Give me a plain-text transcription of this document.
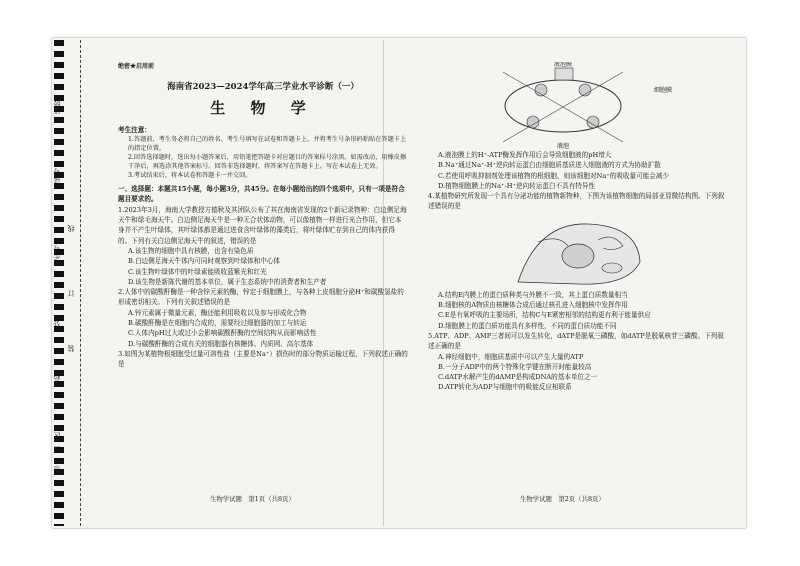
班级
考场号
考生号
姓名
学校
县（区）
市
线
订
装

绝密★启用前

海南省2023—2024学年高三学业水平诊断（一）

生 物 学

考生注意：

1.答题前，考生务必将自己的姓名、考生号填写在试卷和答题卡上，并将考生号条形码粘贴在答题卡上的指定位置。

2.回答选择题时，选出每小题答案后，用铅笔把答题卡对应题目的答案标号涂黑。如需改动，用橡皮擦干净后，再选涂其他答案标号。回答非选择题时，将答案写在答题卡上。写在本试卷上无效。

3.考试结束后，将本试卷和答题卡一并交回。

一、选择题：本题共15小题，每小题3分，共45分。在每小题给出的四个选项中，只有一项是符合题目要求的。

1.2023年3月，海南大学教授方德秋及其团队公布了其在海南省发现的2个新记录物种：白边侧足海天牛和绿毛海天牛。白边侧足海天牛是一种无合状体动物，可以像植物一样进行光合作用，但它本身并不产生叶绿体，其叶绿体都是通过进食含叶绿体的藻类后，将叶绿体贮存到自己的体内获得的。下列有关白边侧足海天牛的叙述，错误的是

A.该生物的细胞中具有核膜，也含有染色质

B.白边侧足海天牛体内可同时观察到叶绿体和中心体

C.该生物叶绿体中的叶绿素能吸收蓝紫光和红光

D.该生物是新陈代谢的基本单位，属于生态系统中的消费者和生产者

2.人体中的碳酸酐酶是一种含锌元素的酶，锌定于细胞膜上，与各种上皮细胞分泌H⁺和碳酸氢盐的形成密切相关。下列有关叙述错误的是

A.锌元素属于微量元素，酶还能利用吸收以及参与形成化合物

B.碳酸酐酶是在细胞内合成的，需要经过细胞器的加工与转运

C.人体内pH过大或过小会影响碳酸酐酶的空间结构从而影响活性

D.与碳酸酐酶的合成有关的细胞器有核糖体、内质网、高尔基体

3.如图为某植物根细胞受过量可溶性盐（主要是Na⁺）损伤时的部分物质运输过程，下列叙述正确的是

生物学试题　第1页（共8页）
液泡膜
细胞膜
液泡

A.液泡膜上的H⁺-ATP酶发挥作用后会导致细胞液的pH增大

B.Na⁺通过Na⁺-H⁺逆向转运蛋白由细胞质基质进入细胞液的方式为协助扩散

C.若使用呼吸抑制剂处理该植物的根细胞，则该细胞对Na⁺的吸收量可能会减少

D.植物细胞膜上的Na⁺-H⁺逆向转运蛋白不具有特异性

4.某植物研究所发现一个具有分泌功能的植物新物种，下图为该植物细胞的局部亚显微结构图。下列叙述错误的是

A.结构E内膜上的蛋白质种类与外膜不一致，其上蛋白质数量相当

B.细胞核的A物质由核糖体合成后通过核孔进入细胞核中发挥作用

C.E是有氧呼吸的主要场所，结构C与E紧密相邻的结构更有利于能量供应

D.细胞膜上的蛋白质功能具有多样性，不同的蛋白质功能不同

5.ATP、ADP、AMP三者间可以发生转化，dATP是脱氧三磷酸，如dATP是脱氧核苷三磷酸。下列叙述正确的是

A.神经细胞中，细胞质基质中可以产生大量的ATP

B.一分子ADP中的两个特殊化学键在断开时能量较高

C.dATP水解产生的dAMP是构成DNA的基本单位之一

D.ATP转化为ADP与细胞中的吸能反应相联系

生物学试题　第2页（共8页）
